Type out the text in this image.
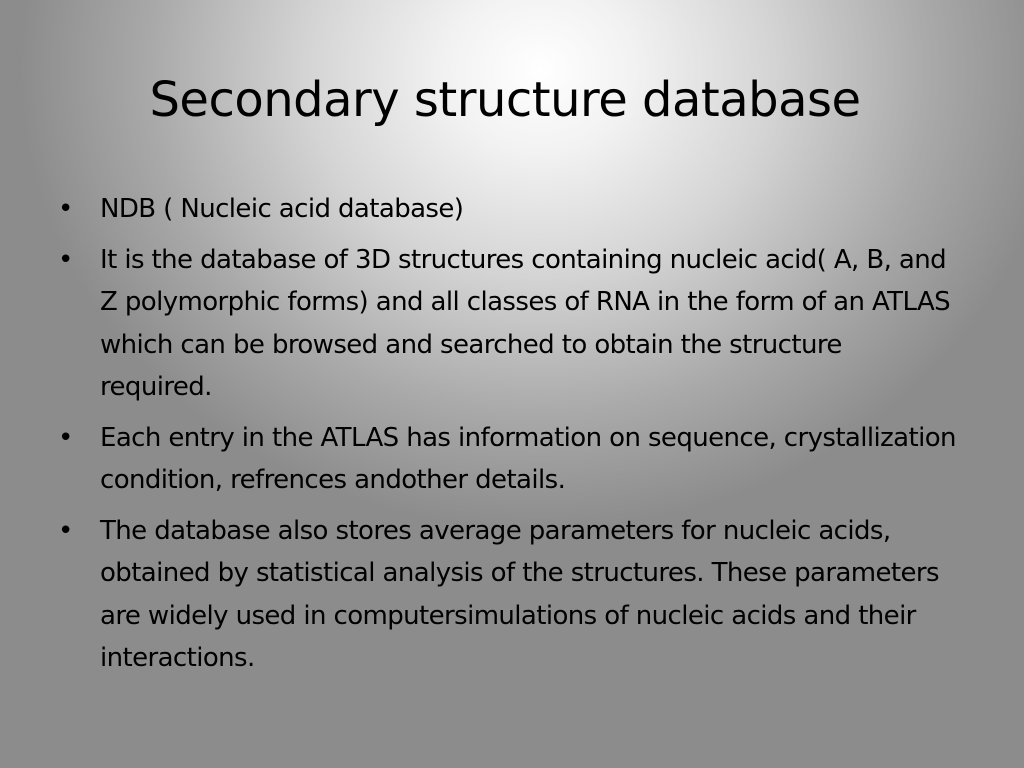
Secondary structure database
• NDB ( Nucleic acid database)
• It is the database of 3D structures containing nucleic acid( A, B, and Z polymorphic forms) and all classes of RNA in the form of an ATLAS which can be browsed and searched to obtain the structure required.
• Each entry in the ATLAS has information on sequence, crystallization condition, refrences andother details.
• The database also stores average parameters for nucleic acids, obtained by statistical analysis of the structures. These parameters are widely used in computersimulations of nucleic acids and their interactions.
